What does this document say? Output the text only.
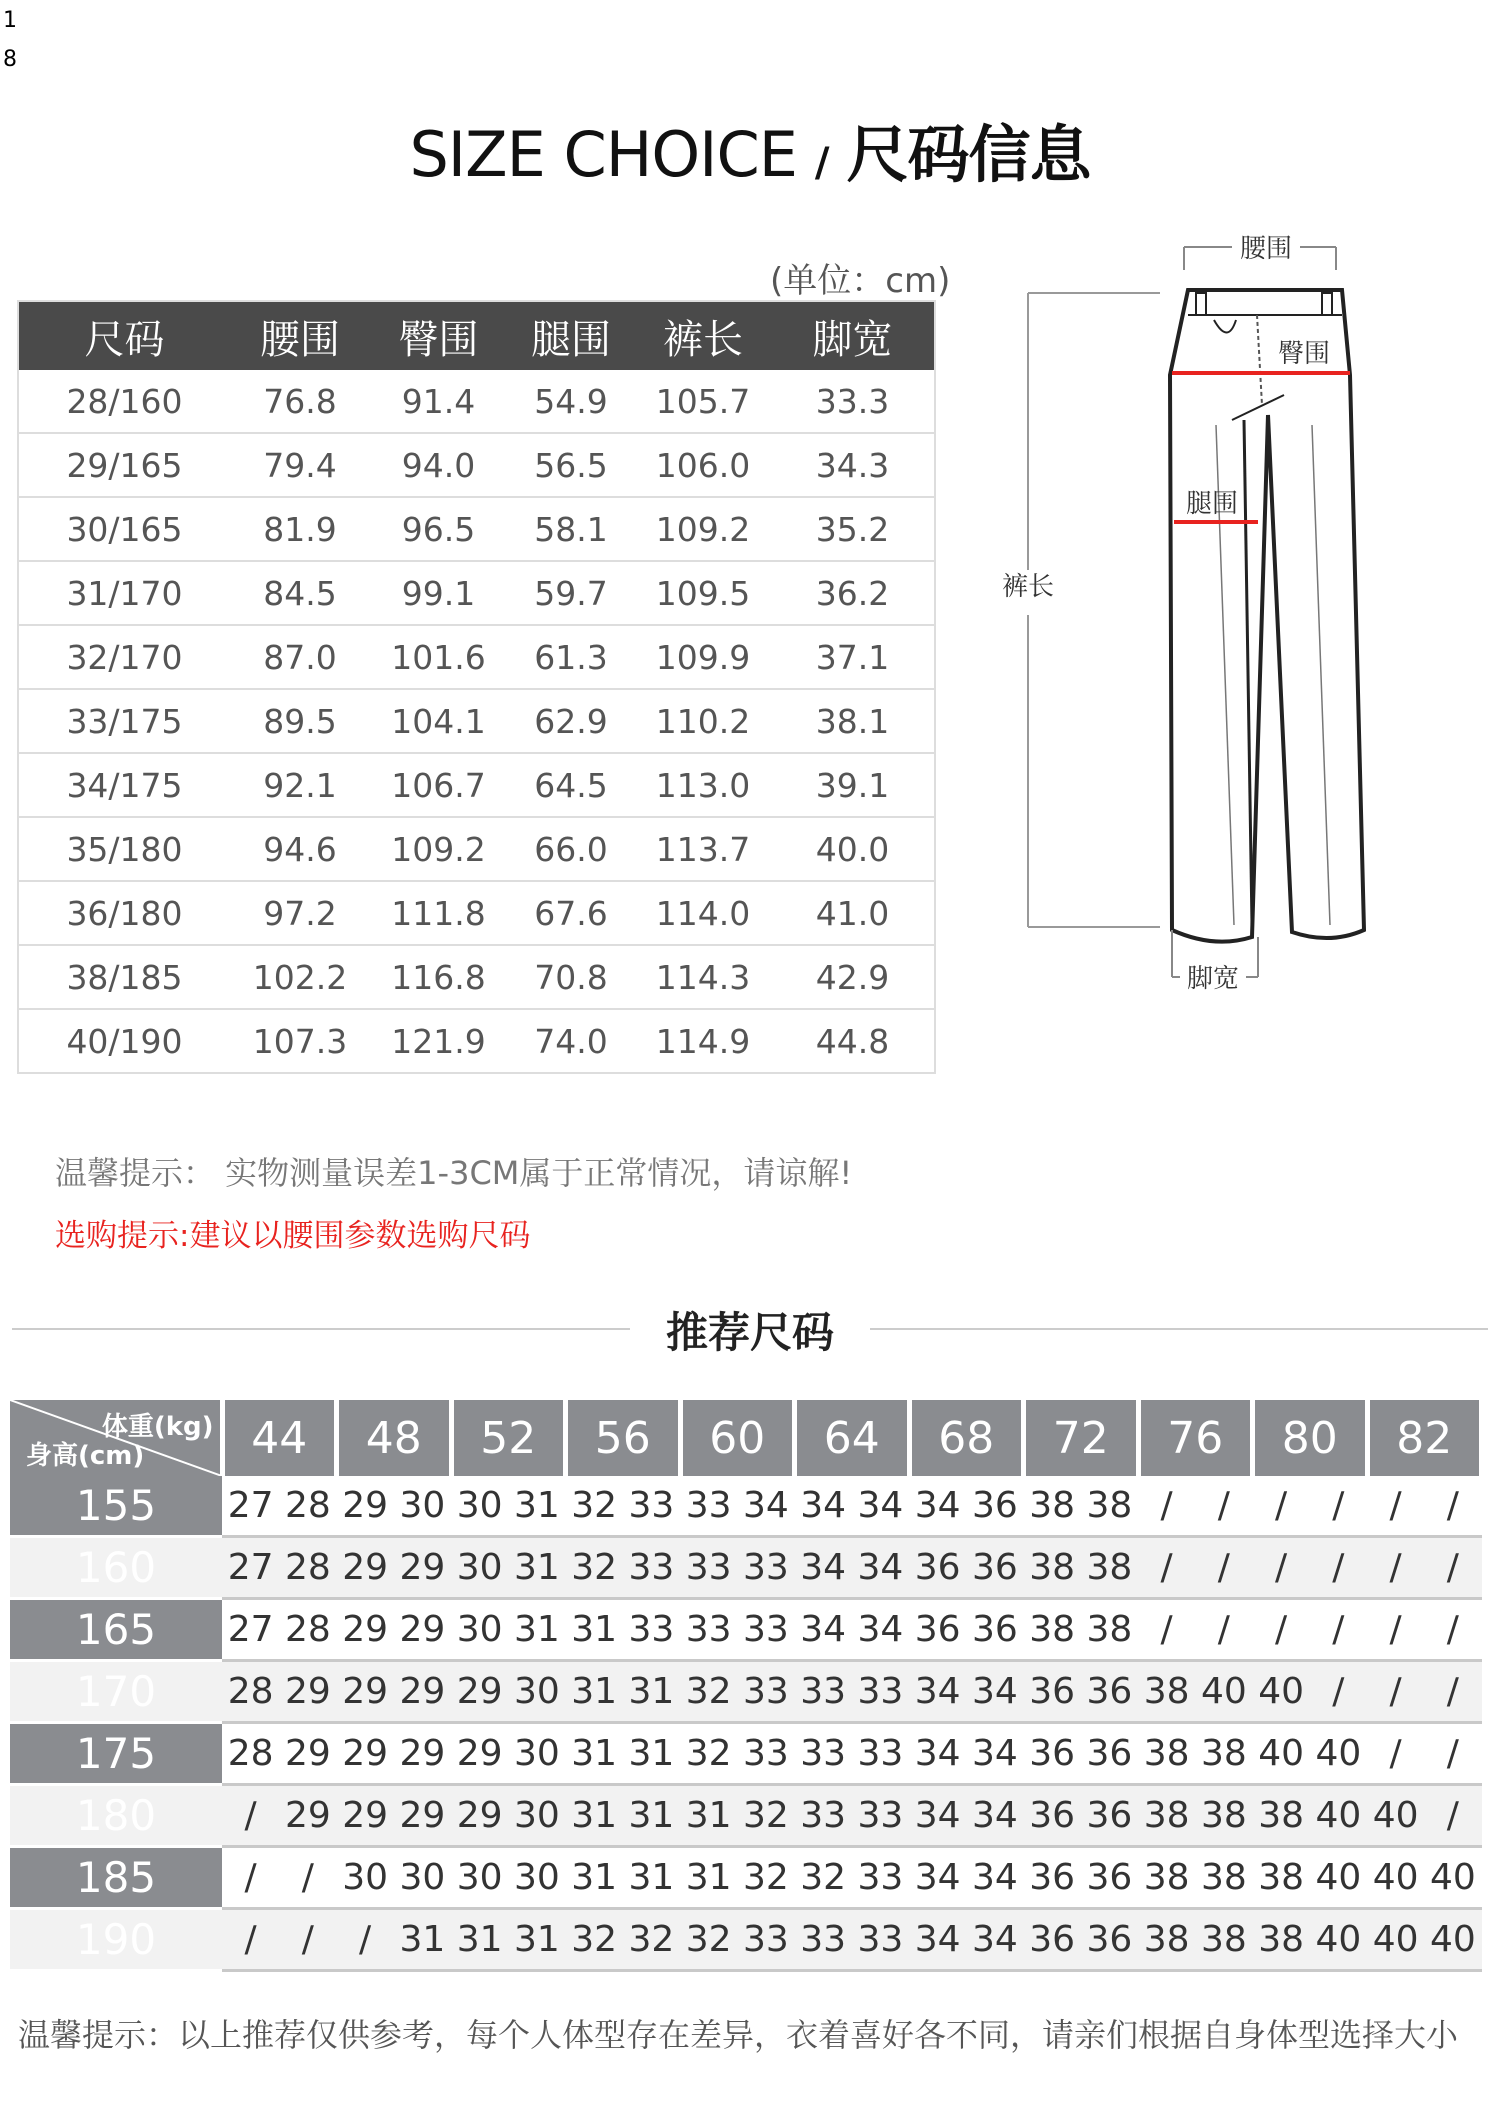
1
8
SIZE CHOICE / 尺码信息
(单位：cm)
尺码	腰围	臀围	腿围	裤长	脚宽
28/160	76.8	91.4	54.9	105.7	33.3
29/165	79.4	94.0	56.5	106.0	34.3
30/165	81.9	96.5	58.1	109.2	35.2
31/170	84.5	99.1	59.7	109.5	36.2
32/170	87.0	101.6	61.3	109.9	37.1
33/175	89.5	104.1	62.9	110.2	38.1
34/175	92.1	106.7	64.5	113.0	39.1
35/180	94.6	109.2	66.0	113.7	40.0
36/180	97.2	111.8	67.6	114.0	41.0
38/185	102.2	116.8	70.8	114.3	42.9
40/190	107.3	121.9	74.0	114.9	44.8
腰围
裤长
臀围
腿围
脚宽
温馨提示： 实物测量误差1-3CM属于正常情况，请谅解!
选购提示:建议以腰围参数选购尺码
推荐尺码
体重(kg)
身高(cm)	44		48		52		56		60		64		68		72		76		80		82	
155	27	28	29	30	30	31	32	33	33	34	34	34	34	36	38	38	/	/	/	/	/	/
160	27	28	29	29	30	31	32	33	33	33	34	34	36	36	38	38	/	/	/	/	/	/
165	27	28	29	29	30	31	31	33	33	33	34	34	36	36	38	38	/	/	/	/	/	/
170	28	29	29	29	29	30	31	31	32	33	33	33	34	34	36	36	38	40	40	/	/	/
175	28	29	29	29	29	30	31	31	32	33	33	33	34	34	36	36	38	38	40	40	/	/
180	/	29	29	29	29	30	31	31	31	32	33	33	34	34	36	36	38	38	38	40	40	/
185	/	/	30	30	30	30	31	31	31	32	32	33	34	34	36	36	38	38	38	40	40	40
190	/	/	/	31	31	31	32	32	32	33	33	33	34	34	36	36	38	38	38	40	40	40
温馨提示：以上推荐仅供参考，每个人体型存在差异，衣着喜好各不同，请亲们根据自身体型选择大小
